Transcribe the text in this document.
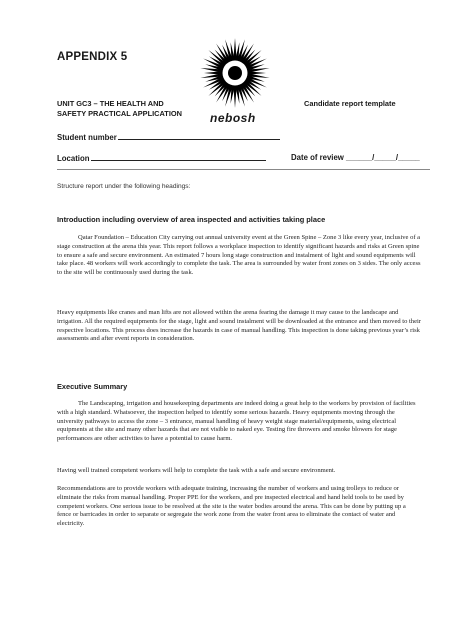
APPENDIX 5
nebosh
UNIT GC3 – THE HEALTH AND
SAFETY PRACTICAL APPLICATION
Candidate report template
Student number
Location	Date of review ______/_____/_____
Structure report under the following headings:
Introduction including overview of area inspected and activities taking place
Qatar Foundation – Education City carrying out annual university event at the Green Spine – Zone 3 like every year, inclusive of a stage construction at the arena this year. This report follows a workplace inspection to identify significant hazards and risks at Green spine to ensure a safe and secure environment. An estimated 7 hours long stage construction and instalment of light and sound equipments will take place. 48 workers will work accordingly to complete the task. The area is surrounded by water front zones on 3 sides. The only access to the site will be continuously used during the task.
Heavy equipments like cranes and man lifts are not allowed within the arena fearing the damage it may cause to the landscape and irrigation. All the required equipments for the stage, light and sound instalment will be downloaded at the entrance and then moved to their respective locations. This process does increase the hazards in case of manual handling. This inspection is done taking previous year’s risk assessments and after event reports in consideration.
Executive Summary
The Landscaping, irrigation and housekeeping departments are indeed doing a great help to the workers by provision of facilities with a high standard. Whatsoever, the inspection helped to identify some serious hazards. Heavy equipments moving through the university pathways to access the zone – 3 entrance, manual handling of heavy weight stage material/equipments, using electrical equipments at the site and many other hazards that are not visible to naked eye. Testing fire throwers and smoke blowers for stage performances are other activities to have a potential to cause harm.
Having well trained competent workers will help to complete the task with a safe and secure environment.
Recommendations are to provide workers with adequate training, increasing the number of workers and using trolleys to reduce or eliminate the risks from manual handling. Proper PPE for the workers, and pre inspected electrical and hand held tools to be used by competent workers. One serious issue to be resolved at the site is the water bodies around the arena. This can be done by putting up a fence or barricades in order to separate or segregate the work zone from the water front area to eliminate the contact of water and electricity.
